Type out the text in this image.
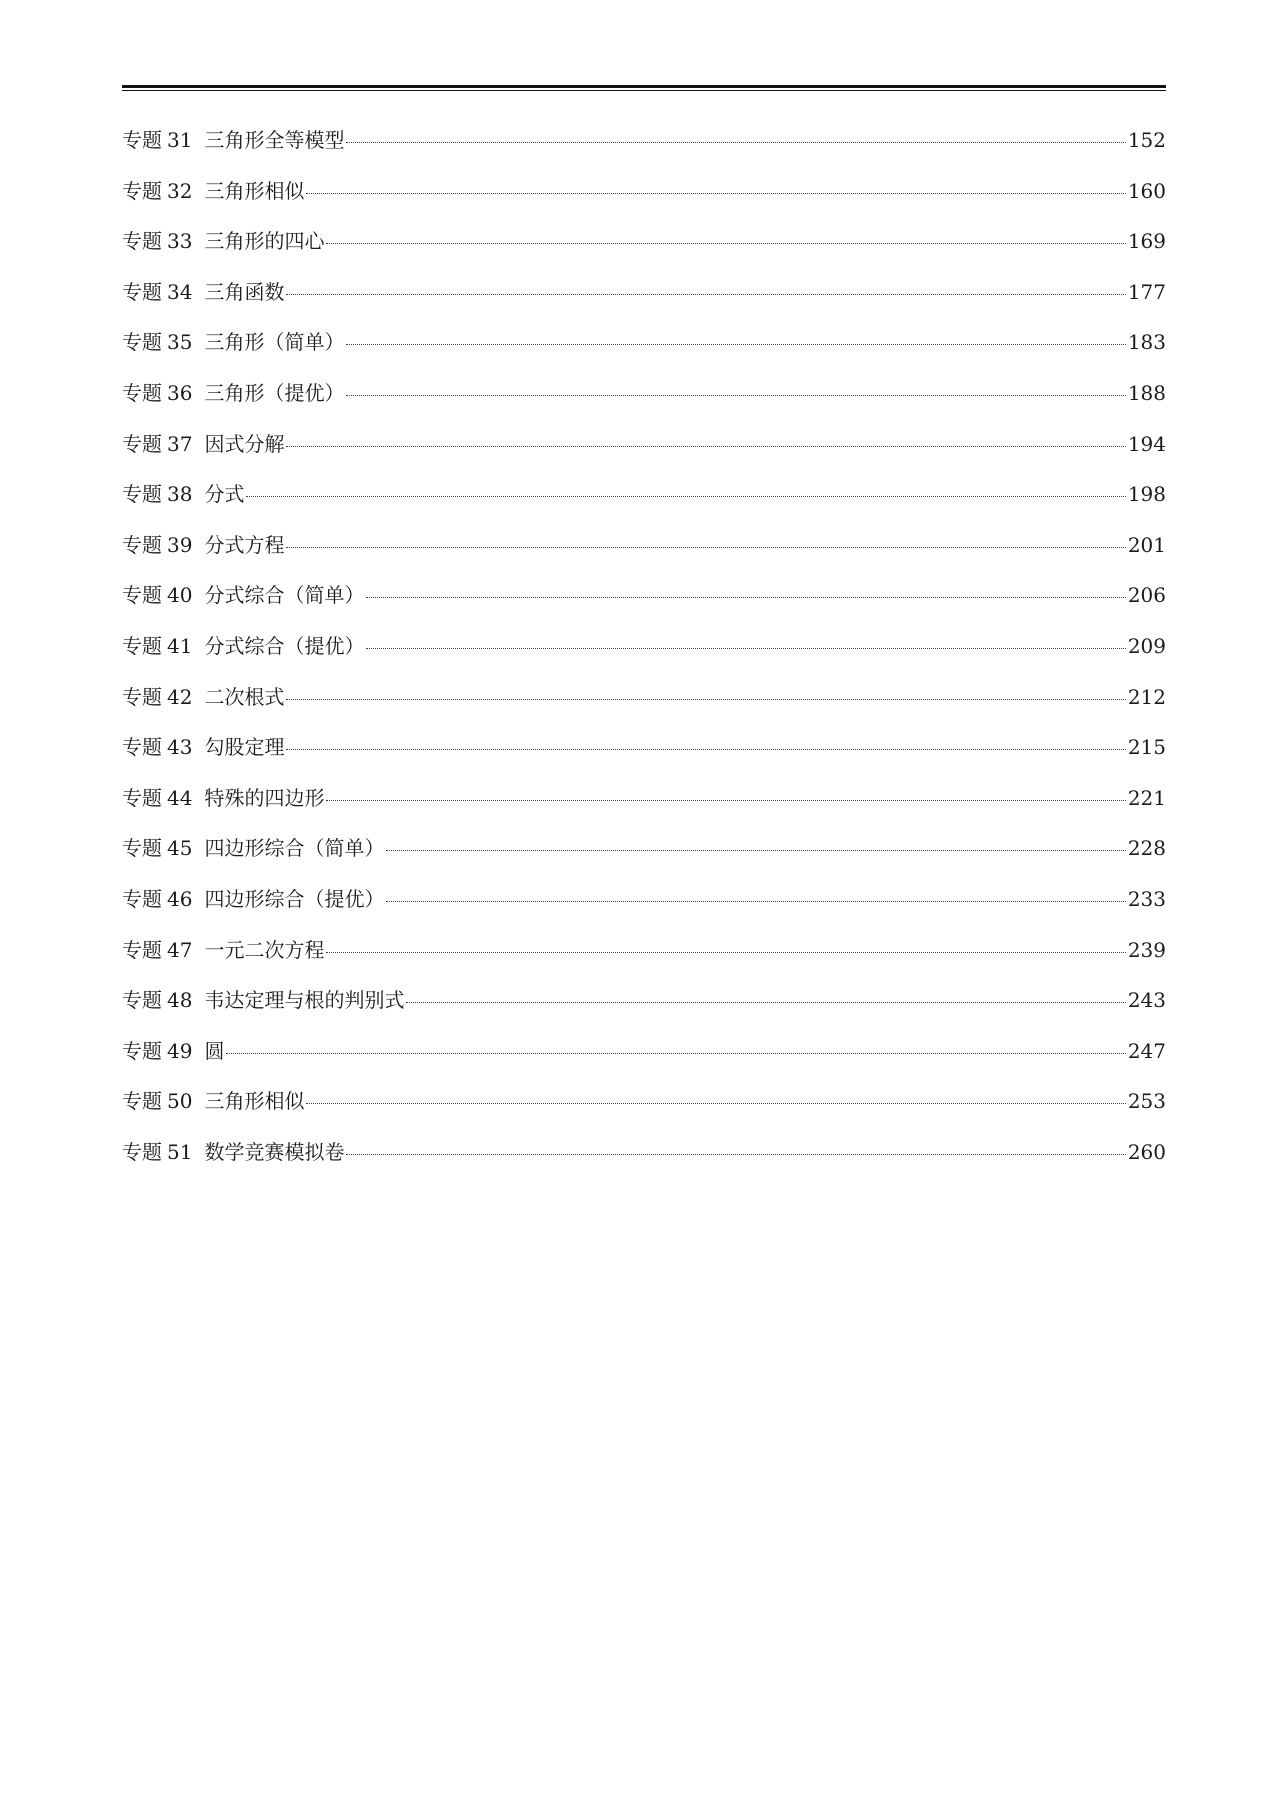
专题 31 三角形全等模型	152
专题 32 三角形相似	160
专题 33 三角形的四心	169
专题 34 三角函数	177
专题 35 三角形（简单）	183
专题 36 三角形（提优）	188
专题 37 因式分解	194
专题 38 分式	198
专题 39 分式方程	201
专题 40 分式综合（简单）	206
专题 41 分式综合（提优）	209
专题 42 二次根式	212
专题 43 勾股定理	215
专题 44 特殊的四边形	221
专题 45 四边形综合（简单）	228
专题 46 四边形综合（提优）	233
专题 47 一元二次方程	239
专题 48 韦达定理与根的判别式	243
专题 49 圆	247
专题 50 三角形相似	253
专题 51 数学竞赛模拟卷	260
